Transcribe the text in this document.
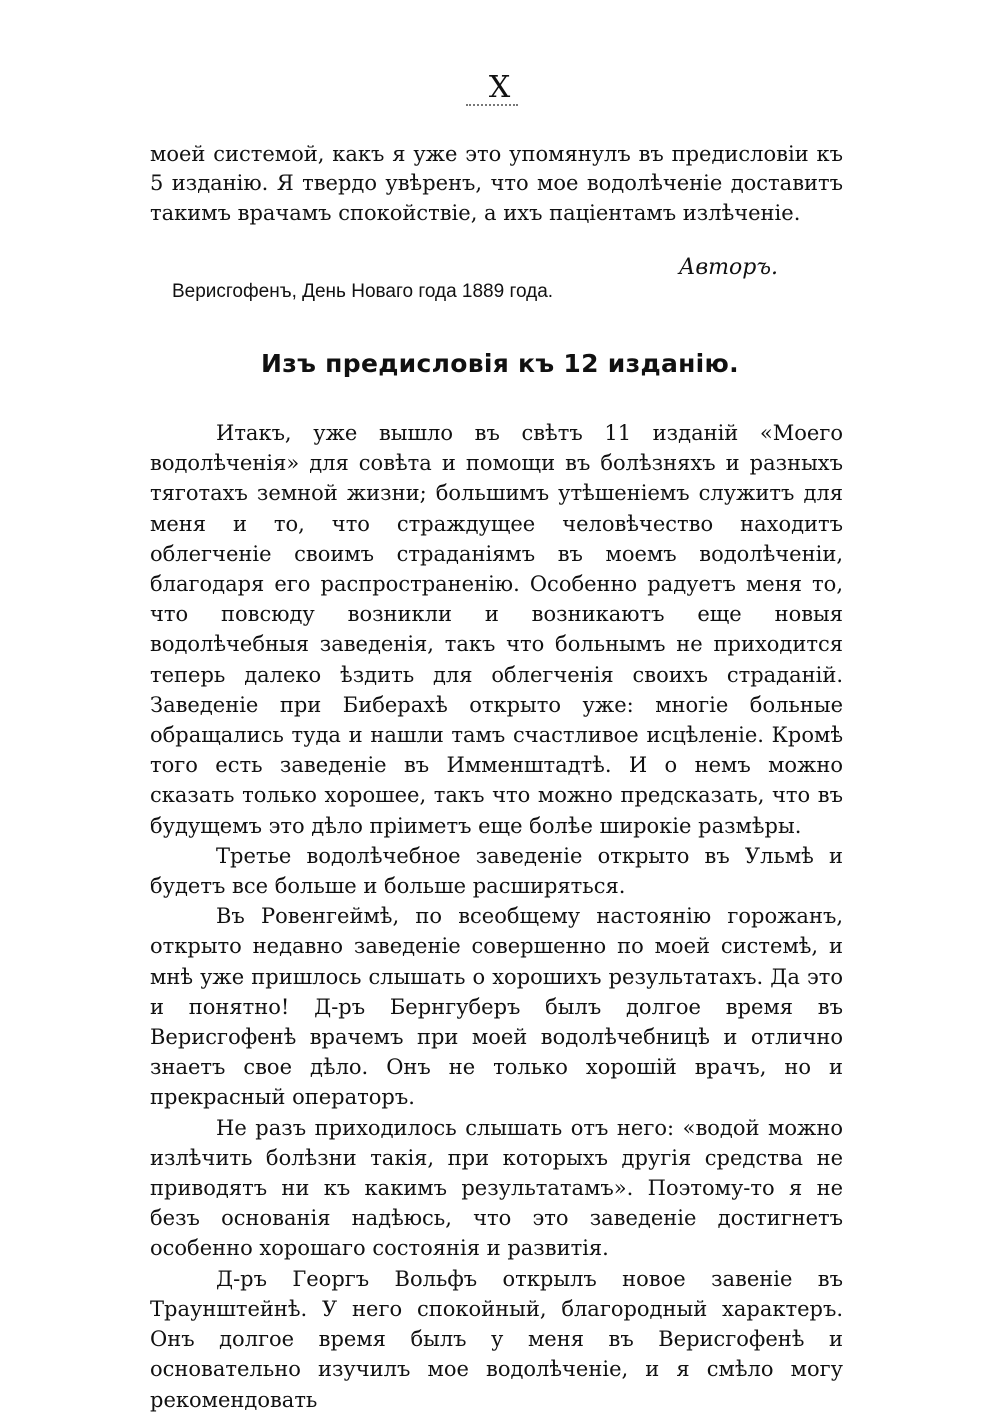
X
моей системой, какъ я уже это упомянулъ въ предисловіи къ 5 изданію. Я твердо увѣренъ, что мое водолѣченіе доставитъ такимъ врачамъ спокойствіе, а ихъ паціентамъ излѣченіе.
Авторъ.
Верисгофенъ, День Новаго года 1889 года.
Изъ предисловія къ 12 изданію.

Итакъ, уже вышло въ свѣтъ 11 изданій «Моего водолѣченія» для совѣта и помощи въ болѣзняхъ и разныхъ тяготахъ земной жизни; большимъ утѣшеніемъ служитъ для меня и то, что страждущее человѣчество находитъ облегченіе своимъ страданіямъ въ моемъ водолѣченіи, благодаря его распространенію. Особенно радуетъ меня то, что повсюду возникли и возникаютъ еще новыя водолѣчебныя заведенія, такъ что больнымъ не приходится теперь далеко ѣздить для облегченія своихъ страданій. Заведеніе при Биберахѣ открыто уже: многіе больные обращались туда и нашли тамъ счастливое исцѣленіе. Кромѣ того есть заведеніе въ Имменштадтѣ. И о немъ можно сказать только хорошее, такъ что можно предсказать, что въ будущемъ это дѣло пріиметъ еще болѣе широкіе размѣры.

Третье водолѣчебное заведеніе открыто въ Ульмѣ и будетъ все больше и больше расширяться.

Въ Ровенгеймѣ, по всеобщему настоянію горожанъ, открыто недавно заведеніе совершенно по моей системѣ, и мнѣ уже пришлось слышать о хорошихъ результатахъ. Да это и понятно! Д-ръ Бернгуберъ былъ долгое время въ Верисгофенѣ врачемъ при моей водолѣчебницѣ и отлично знаетъ свое дѣло. Онъ не только хорошій врачъ, но и прекрасный операторъ.

Не разъ приходилось слышать отъ него: «водой можно излѣчить болѣзни такія, при которыхъ другія средства не приводятъ ни къ какимъ результатамъ». Поэтому-то я не безъ основанія надѣюсь, что это заведеніе достигнетъ особенно хорошаго состоянія и развитія.

Д-ръ Георгъ Вольфъ открылъ новое завеніе въ Траунштейнѣ. У него спокойный, благородный характеръ. Онъ долгое время былъ у меня въ Верисгофенѣ и основательно изучилъ мое водолѣченіе, и я смѣло могу рекомендовать
